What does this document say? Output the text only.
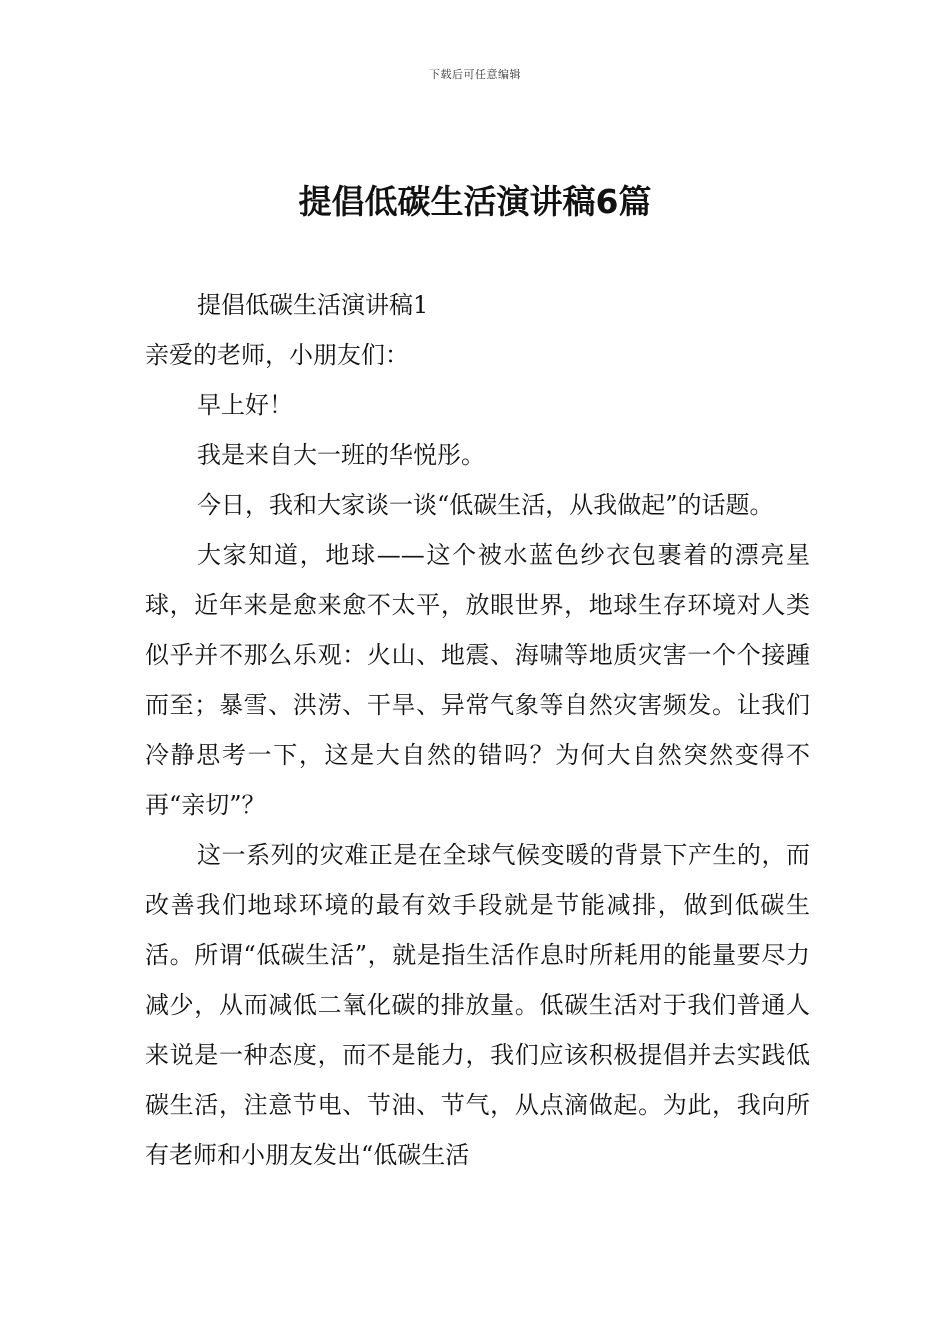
下载后可任意编辑
提倡低碳生活演讲稿6篇

提倡低碳生活演讲稿1

亲爱的老师，小朋友们：

早上好！

我是来自大一班的华悦彤。

今日，我和大家谈一谈“低碳生活，从我做起”的话题。

大家知道，地球——这个被水蓝色纱衣包裹着的漂亮星球，近年来是愈来愈不太平，放眼世界，地球生存环境对人类似乎并不那么乐观：火山、地震、海啸等地质灾害一个个接踵而至；暴雪、洪涝、干旱、异常气象等自然灾害频发。让我们冷静思考一下，这是大自然的错吗？为何大自然突然变得不再“亲切”？

这一系列的灾难正是在全球气候变暖的背景下产生的，而改善我们地球环境的最有效手段就是节能减排，做到低碳生活。所谓“低碳生活”，就是指生活作息时所耗用的能量要尽力减少，从而减低二氧化碳的排放量。低碳生活对于我们普通人来说是一种态度，而不是能力，我们应该积极提倡并去实践低碳生活，注意节电、节油、节气，从点滴做起。为此，我向所有老师和小朋友发出“低碳生活
